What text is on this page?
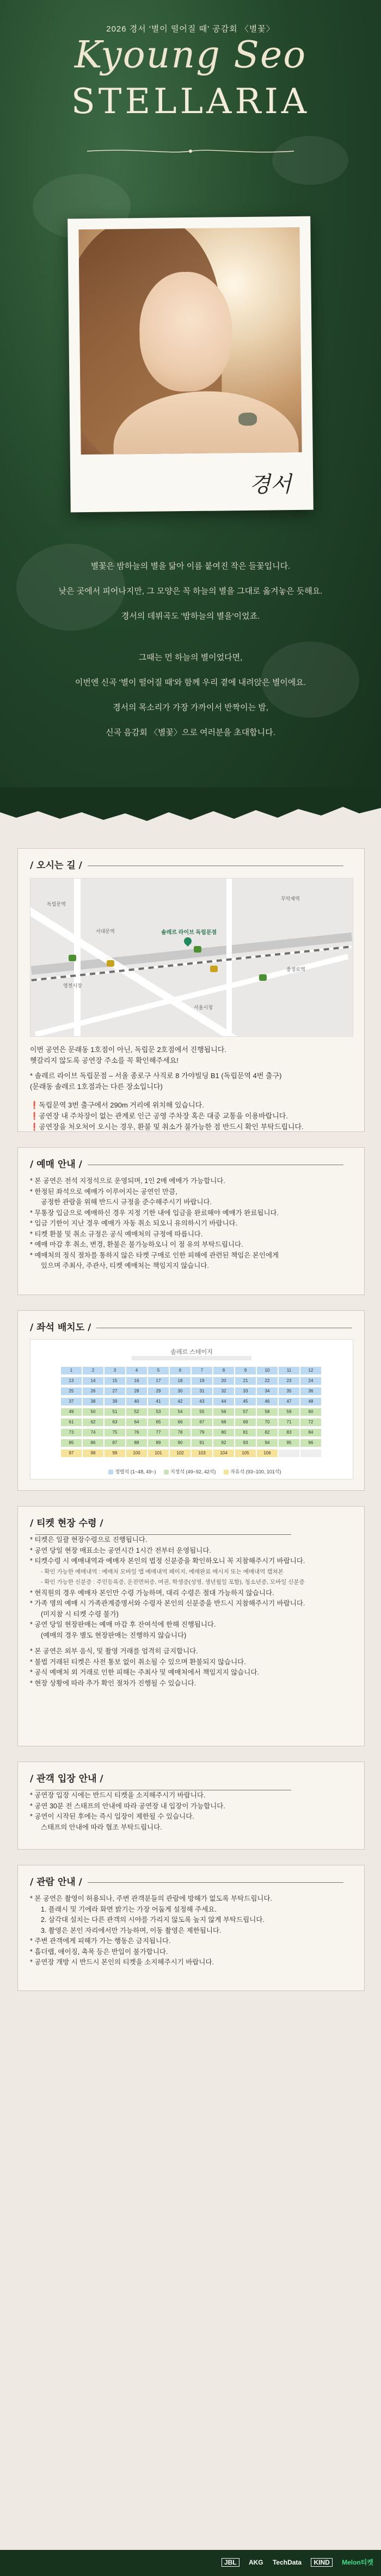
2026 경서 '별이 떨어질 때' 공감회 〈별꽃〉
Kyoung Seo
STELLARIA
경서

별꽃은 밤하늘의 별을 닮아 이름 붙여진 작은 들꽃입니다.

낮은 곳에서 피어나지만, 그 모양은 꼭 하늘의 별을 그대로 옮겨놓은 듯해요.

경서의 데뷔곡도 '밤하늘의 별을'이었죠.

그때는 먼 하늘의 별이었다면,

이번엔 신곡 '별이 떨어질 때'와 함께 우리 곁에 내려앉은 별이에요.

경서의 목소리가 가장 가까이서 반짝이는 밤,

신곡 음감회 〈별꽃〉으로 여러분을 초대합니다.

/ 오시는 길 /
독립문역
서대문역
무악재역
영천시장
서울시청
충정로역
솔레르 라이브 독립문점

이번 공연은 문래동 1호점이 아닌, 독립문 2호점에서 진행됩니다.

헷갈리지 않도록 공연장 주소를 꼭 확인해주세요!

* 솔레르 라이브 독립문점 – 서울 종로구 사직로 8 가야빌딩 B1 (독립문역 4번 출구)

(문래동 솔레르 1호점과는 다른 장소입니다)

❗독립문역 3번 출구에서 290m 거리에 위치해 있습니다.

❗공연장 내 주차장이 없는 관계로 인근 공영 주차장 혹은 대중 교통을 이용바랍니다.

❗공연장을 처오처어 오시는 경우, 환불 및 취소가 불가능한 점 반드시 확인 부탁드립니다.

/ 예매 안내 /

* 본 공연은 전석 지정석으로 운영되며, 1인 2매 예매가 가능합니다.

* 한정된 좌석으로 예매가 이루어지는 공연인 만큼,

공정한 관람을 위해 반드시 규정을 준수해주시기 바랍니다.

* 무통장 입금으로 예매하신 경우 지정 기한 내에 입금을 완료해야 예매가 완료됩니다.

* 입금 기한이 지난 경우 예매가 자동 취소 되오니 유의하시기 바랍니다.

* 티켓 환불 및 취소 규정은 공식 예매처의 규정에 따릅니다.

* 예매 마감 후 취소, 변경, 환불은 불가능하오니 이 점 유의 부탁드립니다.

* 예매처의 정식 절차를 통하지 않은 타켓 구매로 인한 피해에 관련된 책임은 본인에게

있으며 주최사, 주관사, 티켓 예매처는 책임지지 않습니다.

/ 좌석 배치도 /
솔레르 스테이지
1	2	3	4	5	6	7	8	9	10	11	12
13	14	15	16	17	18	19	20	21	22	23	24
25	26	27	28	29	30	31	32	33	34	35	36
37	38	39	40	41	42	43	44	45	46	47	48
49	50	51	52	53	54	55	56	57	58	59	60
61	62	63	64	65	66	67	68	69	70	71	72
73	74	75	76	77	78	79	80	81	82	83	84
85	86	87	88	89	90	91	92	93	94	95	96
97	98	99	100	101	102	103	104	105	106
정렬석 (1~48, 49~)	지정석 (49~92, 42석)	자유석 (93~100, 101석)
/ 티켓 현장 수령 /

* 티켓은 일괄 현장수령으로 진행됩니다.

* 공연 당일 현장 매표소는 공연시간 1시간 전부터 운영됩니다.

* 티켓수령 시 예매내역과 예매자 본인의 법정 신분증을 확인하오니 꼭 지참해주시기 바랍니다.

- 확인 가능한 예매내역 : 예매처 모바일 앱 예매내역 페이지, 예매완료 메시지 또는 예매내역 캡쳐본

- 확인 가능한 신분증 : 주민등록증, 운전면허증, 여권, 학생증(성명, 생년월일 포함), 청소년증, 모바일 신분증

* 현직원의 경우 예매자 본인만 수령 가능하며, 대리 수령은 절대 가능하지 않습니다.

* 가족 명의 예매 시 가족관계증명서와 수령자 본인의 신분증을 반드시 지참해주시기 바랍니다.

(미지참 시 티켓 수령 불가)

* 공연 당일 현장판매는 예매 마감 후 잔여석에 한해 진행됩니다.

(예매의 경우 별도 현장판매는 진행하지 않습니다)

* 본 공연은 외부 음식, 및 촬영 거래를 엄격히 금지합니다.

* 불법 거래된 티켓은 사전 통보 없이 취소될 수 있으며 환불되지 않습니다.

* 공식 예매처 외 거래로 인한 피해는 주최사 및 예매처에서 책임지지 않습니다.

* 현장 상황에 따라 추가 확인 절차가 진행될 수 있습니다.

/ 관객 입장 안내 /

* 공연장 입장 시에는 반드시 티켓을 소지해주시기 바랍니다.

* 공연 30분 전 스태프의 안내에 따라 공연장 내 입장이 가능합니다.

* 공연이 시작된 후에는 즉시 입장이 제한될 수 있습니다.

스태프의 안내에 따라 협조 부탁드립니다.

/ 관람 안내 /

* 본 공연은 촬영이 허용되나, 주변 관객분들의 관람에 방해가 없도록 부탁드립니다.

1. 플래시 및 기에라 화면 밝기는 가장 어둡게 설정해 주세요.

2. 삼각대 설치는 다른 관객의 시야를 가리지 않도록 높지 않게 부탁드립니다.

3. 촬영은 본인 자리에서만 가능하며, 이동 촬영은 제한됩니다.

* 주변 관객에게 피해가 가는 행동은 금지됩니다.

* 흡더랩, 애이징, 촉목 등은 반입이 불가합니다.

* 공연장 개방 시 반드시 본인의 티켓을 소지해주시기 바랍니다.

JBL AKG TechData KIND Melon티켓
